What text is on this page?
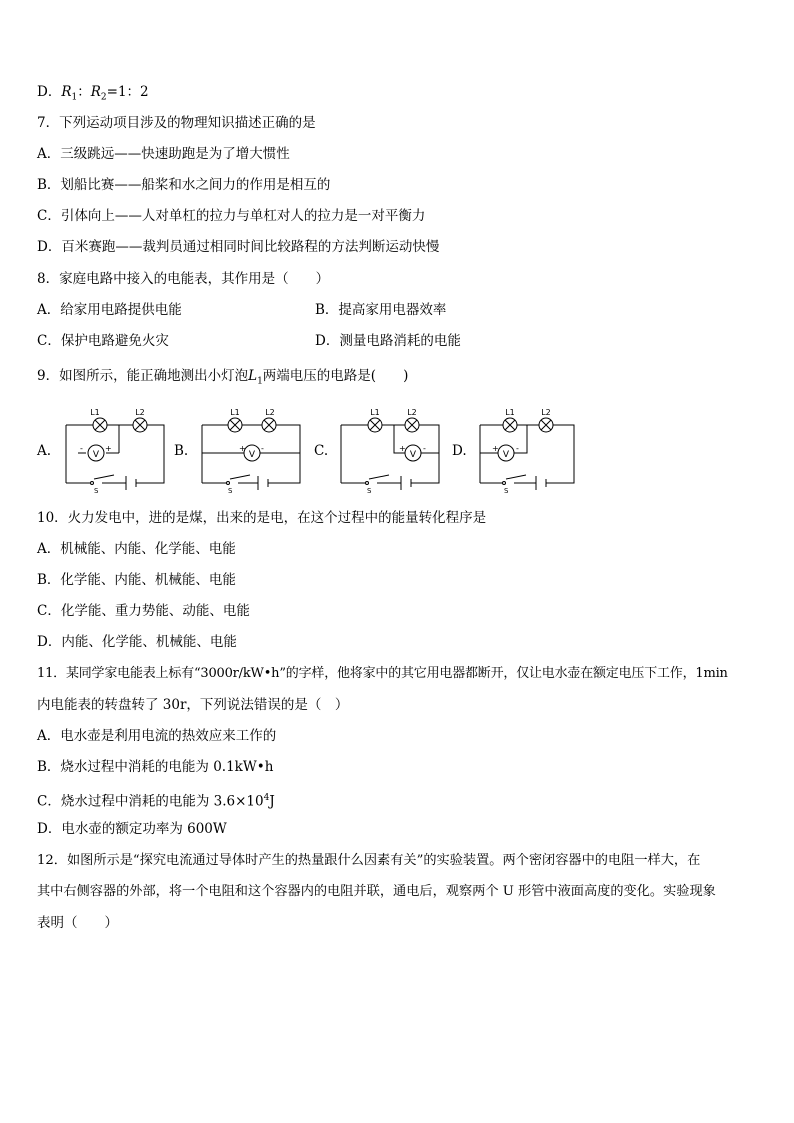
D．$R_1$：$R_2=1$：2
7．下列运动项目涉及的物理知识描述正确的是
A．三级跳远——快速助跑是为了增大惯性
B．划船比赛——船桨和水之间力的作用是相互的
C．引体向上——人对单杠的拉力与单杠对人的拉力是一对平衡力
D．百米赛跑——裁判员通过相同时间比较路程的方法判断运动快慢
8．家庭电路中接入的电能表，其作用是（　　）
A．给家用电路提供电能	B．提高家用电器效率
C．保护电路避免火灾	D．测量电路消耗的电能
9．如图所示，能正确地测出小灯泡$L_1$两端电压的电路是(　　)
A.	B.	C.	D.
V
L1	L2
-	+
S
V
L1	L2
+ -
S
V
L1	L2
+ -
S
V
L1	L2
+ -
S
10．火力发电中，进的是煤，出来的是电，在这个过程中的能量转化程序是
A．机械能、内能、化学能、电能
B．化学能、内能、机械能、电能
C．化学能、重力势能、动能、电能
D．内能、化学能、机械能、电能
11．某同学家电能表上标有“3000r/kW•h”的字样，他将家中的其它用电器都断开，仅让电水壶在额定电压下工作，1min
内电能表的转盘转了 30r，下列说法错误的是（　）
A．电水壶是利用电流的热效应来工作的
B．烧水过程中消耗的电能为 0.1kW•h
C．烧水过程中消耗的电能为 $3.6\times 10^4J$
D．电水壶的额定功率为 600W
12．如图所示是“探究电流通过导体时产生的热量跟什么因素有关”的实验装置。两个密闭容器中的电阻一样大，在
其中右侧容器的外部，将一个电阻和这个容器内的电阻并联，通电后，观察两个 U 形管中液面高度的变化。实验现象
表明（　　）
